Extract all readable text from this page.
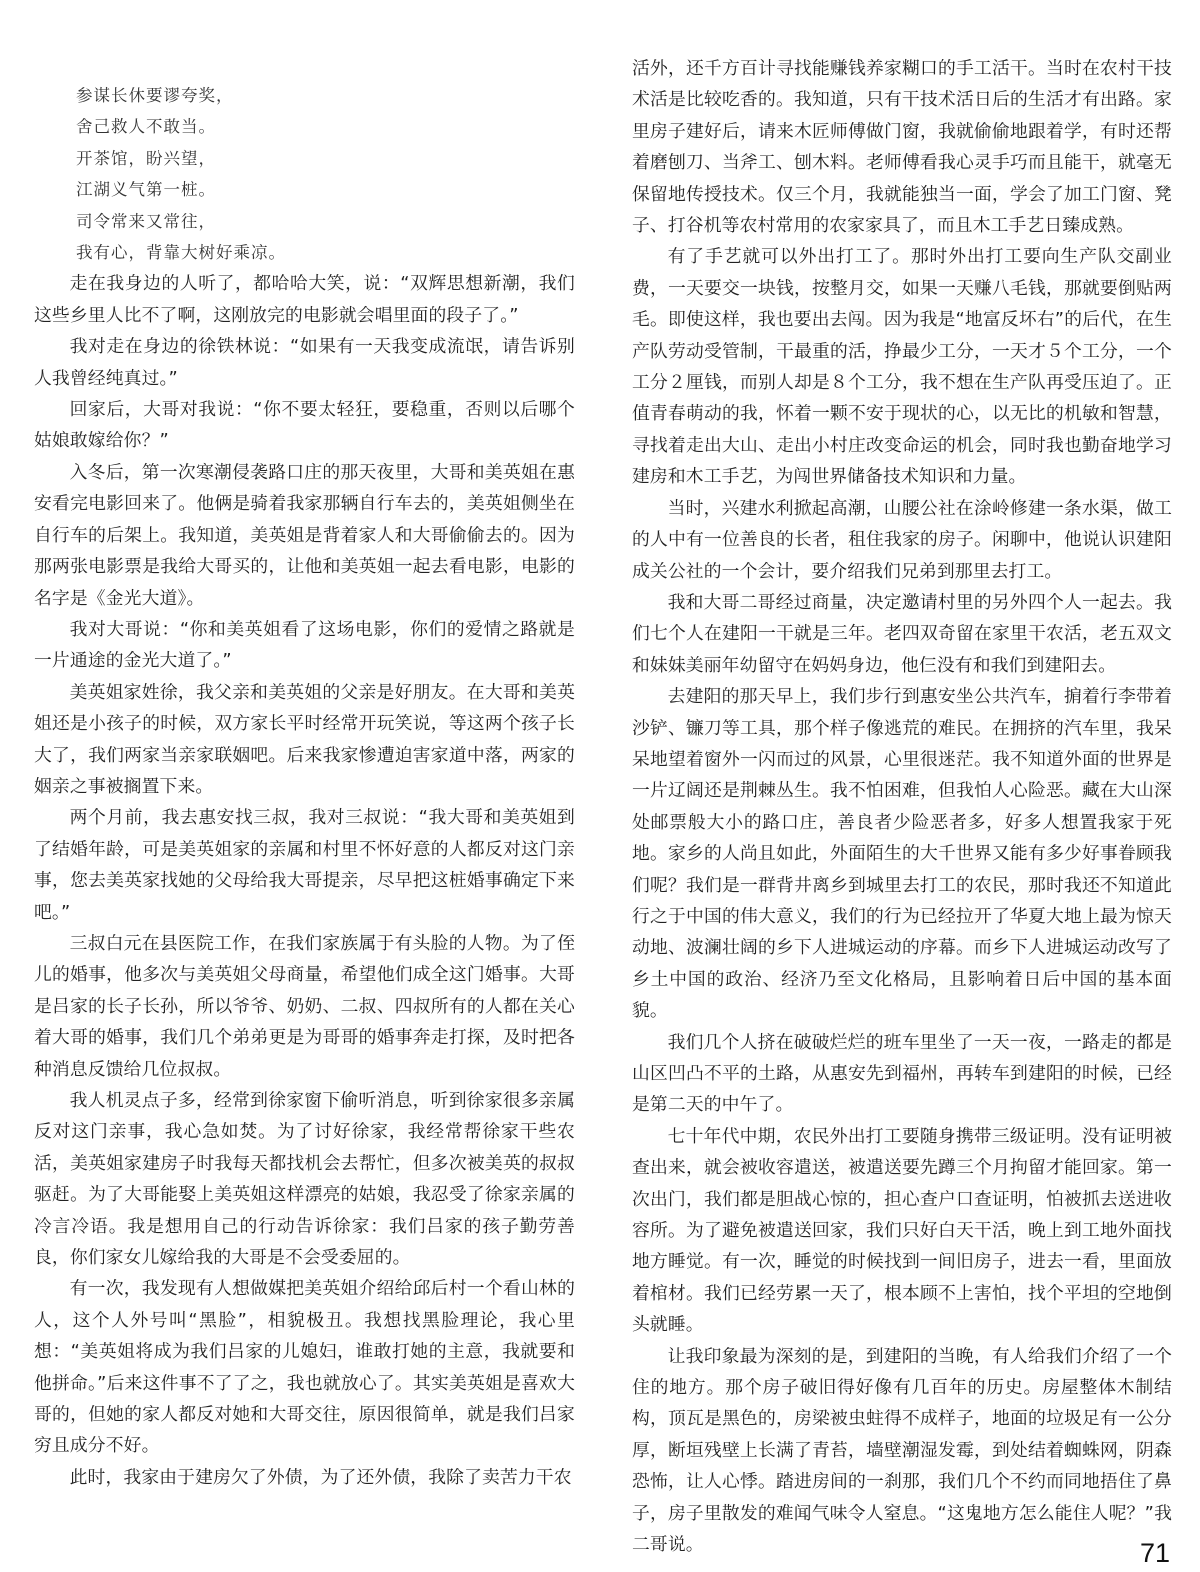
参谋长休要谬夸奖，

舍己救人不敢当。

开茶馆，盼兴望，

江湖义气第一桩。

司令常来又常往，

我有心，背靠大树好乘凉。

走在我身边的人听了，都哈哈大笑，说：“双辉思想新潮，我们这些乡里人比不了啊，这刚放完的电影就会唱里面的段子了。”

我对走在身边的徐铁林说：“如果有一天我变成流氓，请告诉别人我曾经纯真过。”

回家后，大哥对我说：“你不要太轻狂，要稳重，否则以后哪个姑娘敢嫁给你？”

入冬后，第一次寒潮侵袭路口庄的那天夜里，大哥和美英姐在惠安看完电影回来了。他俩是骑着我家那辆自行车去的，美英姐侧坐在自行车的后架上。我知道，美英姐是背着家人和大哥偷偷去的。因为那两张电影票是我给大哥买的，让他和美英姐一起去看电影，电影的名字是《金光大道》。

我对大哥说：“你和美英姐看了这场电影，你们的爱情之路就是一片通途的金光大道了。”

美英姐家姓徐，我父亲和美英姐的父亲是好朋友。在大哥和美英姐还是小孩子的时候，双方家长平时经常开玩笑说，等这两个孩子长大了，我们两家当亲家联姻吧。后来我家惨遭迫害家道中落，两家的姻亲之事被搁置下来。

两个月前，我去惠安找三叔，我对三叔说：“我大哥和美英姐到了结婚年龄，可是美英姐家的亲属和村里不怀好意的人都反对这门亲事，您去美英家找她的父母给我大哥提亲，尽早把这桩婚事确定下来吧。”

三叔白元在县医院工作，在我们家族属于有头脸的人物。为了侄儿的婚事，他多次与美英姐父母商量，希望他们成全这门婚事。大哥是吕家的长子长孙，所以爷爷、奶奶、二叔、四叔所有的人都在关心着大哥的婚事，我们几个弟弟更是为哥哥的婚事奔走打探，及时把各种消息反馈给几位叔叔。

我人机灵点子多，经常到徐家窗下偷听消息，听到徐家很多亲属反对这门亲事，我心急如焚。为了讨好徐家，我经常帮徐家干些农活，美英姐家建房子时我每天都找机会去帮忙，但多次被美英的叔叔驱赶。为了大哥能娶上美英姐这样漂亮的姑娘，我忍受了徐家亲属的冷言冷语。我是想用自己的行动告诉徐家：我们吕家的孩子勤劳善良，你们家女儿嫁给我的大哥是不会受委屈的。

有一次，我发现有人想做媒把美英姐介绍给邱后村一个看山林的人，这个人外号叫“黑脸”，相貌极丑。我想找黑脸理论，我心里想：“美英姐将成为我们吕家的儿媳妇，谁敢打她的主意，我就要和他拼命。”后来这件事不了了之，我也就放心了。其实美英姐是喜欢大哥的，但她的家人都反对她和大哥交往，原因很简单，就是我们吕家穷且成分不好。

此时，我家由于建房欠了外债，为了还外债，我除了卖苦力干农

活外，还千方百计寻找能赚钱养家糊口的手工活干。当时在农村干技术活是比较吃香的。我知道，只有干技术活日后的生活才有出路。家里房子建好后，请来木匠师傅做门窗，我就偷偷地跟着学，有时还帮着磨刨刀、当斧工、刨木料。老师傅看我心灵手巧而且能干，就毫无保留地传授技术。仅三个月，我就能独当一面，学会了加工门窗、凳子、打谷机等农村常用的农家家具了，而且木工手艺日臻成熟。

有了手艺就可以外出打工了。那时外出打工要向生产队交副业费，一天要交一块钱，按整月交，如果一天赚八毛钱，那就要倒贴两毛。即使这样，我也要出去闯。因为我是“地富反坏右”的后代，在生产队劳动受管制，干最重的活，挣最少工分，一天才５个工分，一个工分２厘钱，而别人却是８个工分，我不想在生产队再受压迫了。正值青春萌动的我，怀着一颗不安于现状的心，以无比的机敏和智慧，寻找着走出大山、走出小村庄改变命运的机会，同时我也勤奋地学习建房和木工手艺，为闯世界储备技术知识和力量。

当时，兴建水利掀起高潮，山腰公社在涂岭修建一条水渠，做工的人中有一位善良的长者，租住我家的房子。闲聊中，他说认识建阳成关公社的一个会计，要介绍我们兄弟到那里去打工。

我和大哥二哥经过商量，决定邀请村里的另外四个人一起去。我们七个人在建阳一干就是三年。老四双奇留在家里干农活，老五双文和妹妹美丽年幼留守在妈妈身边，他仨没有和我们到建阳去。

去建阳的那天早上，我们步行到惠安坐公共汽车，掮着行李带着沙铲、镰刀等工具，那个样子像逃荒的难民。在拥挤的汽车里，我呆呆地望着窗外一闪而过的风景，心里很迷茫。我不知道外面的世界是一片辽阔还是荆棘丛生。我不怕困难，但我怕人心险恶。藏在大山深处邮票般大小的路口庄，善良者少险恶者多，好多人想置我家于死地。家乡的人尚且如此，外面陌生的大千世界又能有多少好事眷顾我们呢？我们是一群背井离乡到城里去打工的农民，那时我还不知道此行之于中国的伟大意义，我们的行为已经拉开了华夏大地上最为惊天动地、波澜壮阔的乡下人进城运动的序幕。而乡下人进城运动改写了乡土中国的政治、经济乃至文化格局，且影响着日后中国的基本面貌。

我们几个人挤在破破烂烂的班车里坐了一天一夜，一路走的都是山区凹凸不平的土路，从惠安先到福州，再转车到建阳的时候，已经是第二天的中午了。

七十年代中期，农民外出打工要随身携带三级证明。没有证明被查出来，就会被收容遣送，被遣送要先蹲三个月拘留才能回家。第一次出门，我们都是胆战心惊的，担心查户口查证明，怕被抓去送进收容所。为了避免被遣送回家，我们只好白天干活，晚上到工地外面找地方睡觉。有一次，睡觉的时候找到一间旧房子，进去一看，里面放着棺材。我们已经劳累一天了，根本顾不上害怕，找个平坦的空地倒头就睡。

让我印象最为深刻的是，到建阳的当晚，有人给我们介绍了一个住的地方。那个房子破旧得好像有几百年的历史。房屋整体木制结构，顶瓦是黑色的，房梁被虫蛀得不成样子，地面的垃圾足有一公分厚，断垣残壁上长满了青苔，墙壁潮湿发霉，到处结着蜘蛛网，阴森恐怖，让人心悸。踏进房间的一刹那，我们几个不约而同地捂住了鼻子，房子里散发的难闻气味令人窒息。“这鬼地方怎么能住人呢？”我二哥说。	71
